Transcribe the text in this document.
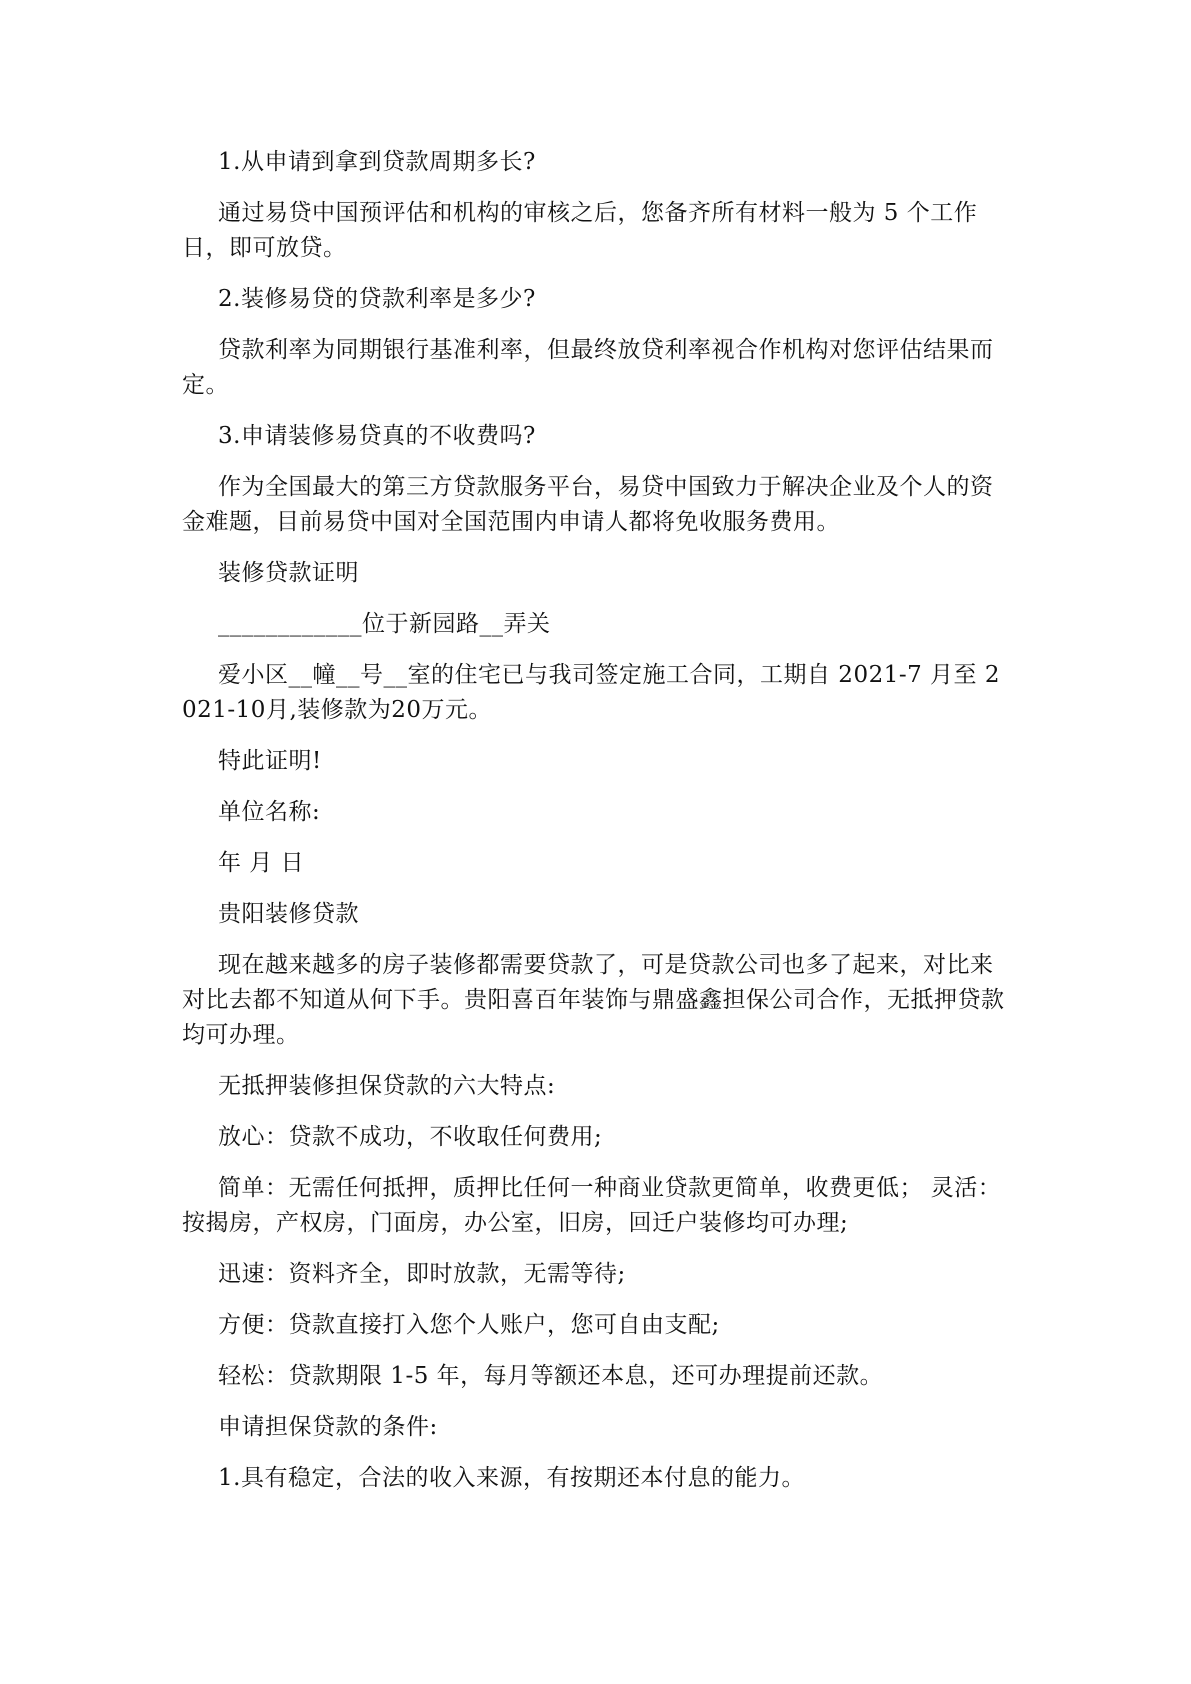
1.从申请到拿到贷款周期多长?

通过易贷中国预评估和机构的审核之后，您备齐所有材料一般为 5 个工作日，即可放贷。

2.装修易贷的贷款利率是多少?

贷款利率为同期银行基准利率，但最终放贷利率视合作机构对您评估结果而定。

3.申请装修易贷真的不收费吗?

作为全国最大的第三方贷款服务平台，易贷中国致力于解决企业及个人的资金难题，目前易贷中国对全国范围内申请人都将免收服务费用。

装修贷款证明

____________位于新园路__弄关

爱小区__幢__号__室的住宅已与我司签定施工合同，工期自 2021-7 月至 2021-10月,装修款为20万元。

特此证明!

单位名称:

年 月 日

贵阳装修贷款

现在越来越多的房子装修都需要贷款了，可是贷款公司也多了起来，对比来对比去都不知道从何下手。贵阳喜百年装饰与鼎盛鑫担保公司合作，无抵押贷款均可办理。

无抵押装修担保贷款的六大特点:

放心：贷款不成功，不收取任何费用;

简单：无需任何抵押，质押比任何一种商业贷款更简单，收费更低； 灵活：按揭房，产权房，门面房，办公室，旧房，回迁户装修均可办理;

迅速：资料齐全，即时放款，无需等待;

方便：贷款直接打入您个人账户，您可自由支配;

轻松：贷款期限 1-5 年，每月等额还本息，还可办理提前还款。

申请担保贷款的条件:

1.具有稳定，合法的收入来源，有按期还本付息的能力。
